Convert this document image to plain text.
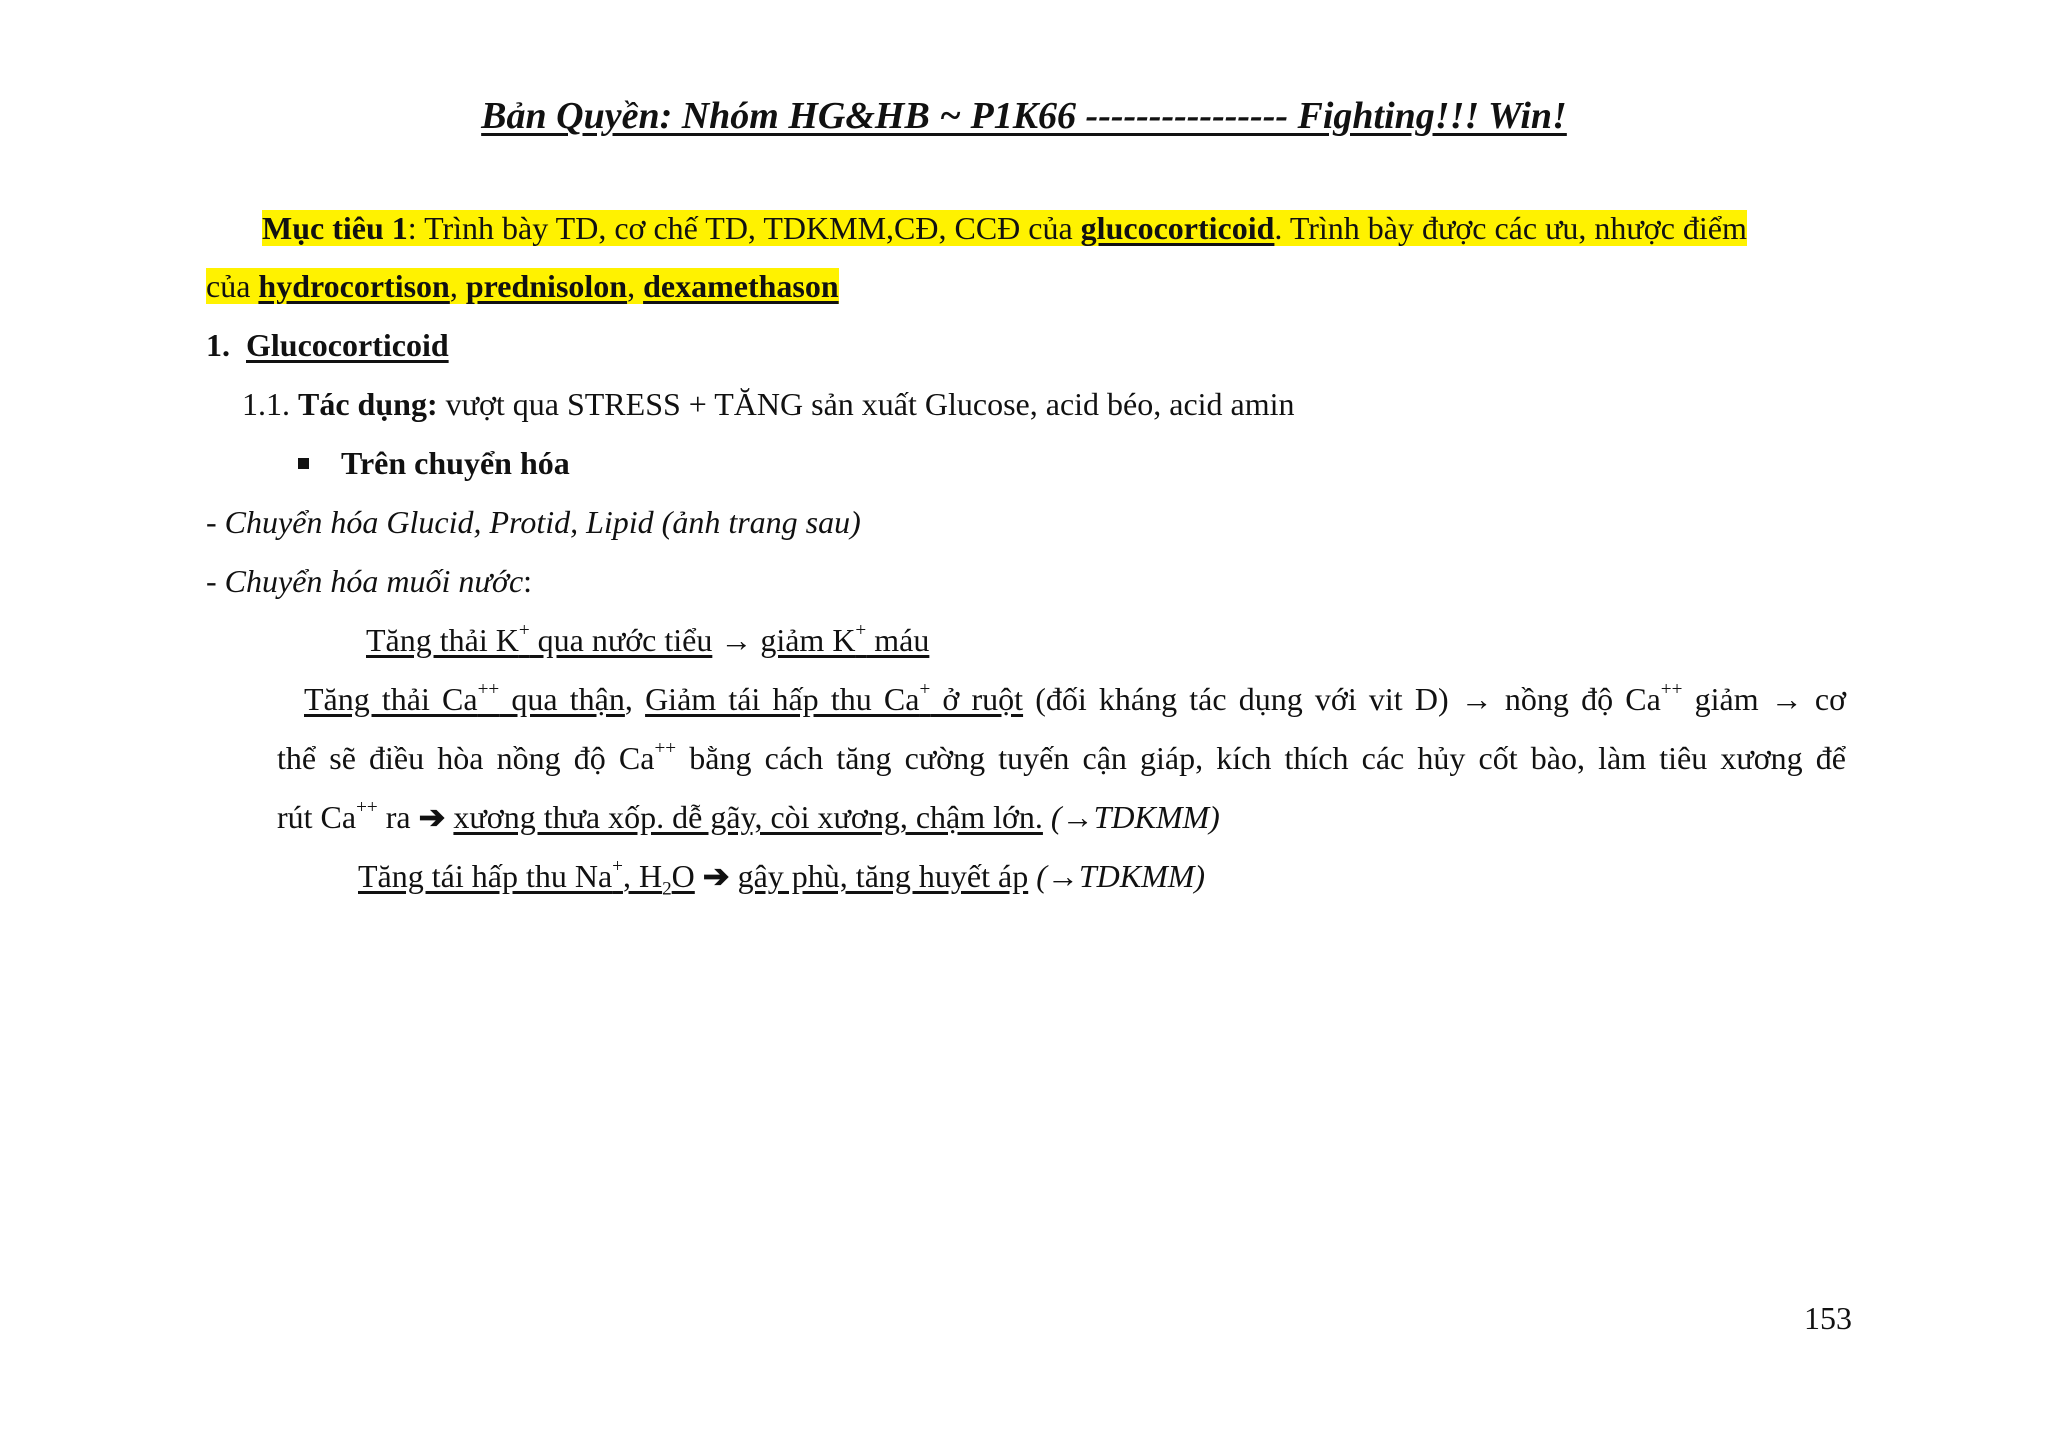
Bản Quyền: Nhóm HG&HB ~ P1K66 ---------------- Fighting!!! Win!
Mục tiêu 1: Trình bày TD, cơ chế TD, TDKMM,CĐ, CCĐ của glucocorticoid. Trình bày được các ưu, nhược điểm
của hydrocortison, prednisolon, dexamethason
1. Glucocorticoid
1.1. Tác dụng: vượt qua STRESS + TĂNG sản xuất Glucose, acid béo, acid amin
Trên chuyển hóa
- Chuyển hóa Glucid, Protid, Lipid (ảnh trang sau)
- Chuyển hóa muối nước:
Tăng thải K+ qua nước tiểu → giảm K+ máu
Tăng thải Ca++ qua thận, Giảm tái hấp thu Ca+ ở ruột (đối kháng tác dụng với vit D) → nồng độ Ca++ giảm → cơ
thể sẽ điều hòa nồng độ Ca++ bằng cách tăng cường tuyến cận giáp, kích thích các hủy cốt bào, làm tiêu xương để
rút Ca++ ra ➔ xương thưa xốp. dễ gãy, còi xương, chậm lớn. (→TDKMM)
Tăng tái hấp thu Na+, $H_2O$ ➔ gây phù, tăng huyết áp (→TDKMM)
153
